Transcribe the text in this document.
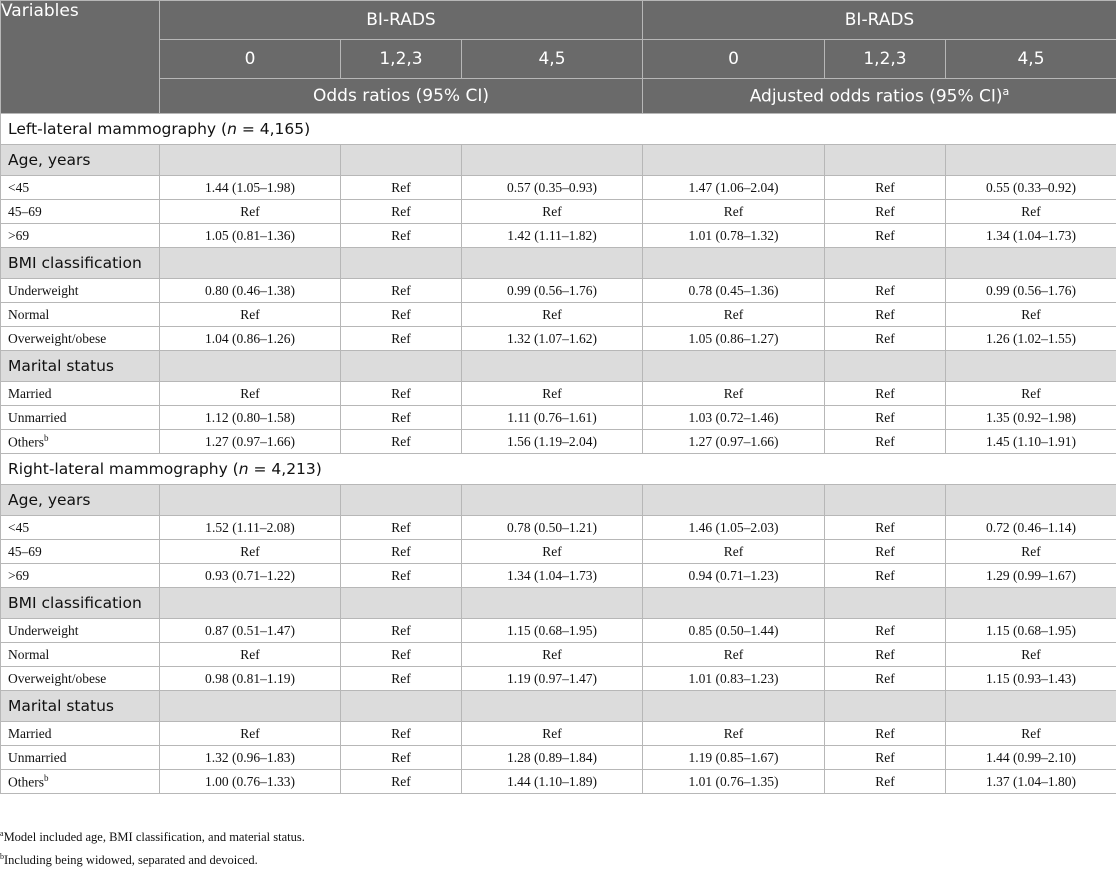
Variables	BI-RADS			BI-RADS		
	0	1,2,3	4,5	0	1,2,3	4,5
	Odds ratios (95% CI)			Adjusted odds ratios (95% CI)$^a$
Left-lateral mammography (n = 4,165)						
Age, years						
<45	1.44 (1.05–1.98)	Ref	0.57 (0.35–0.93)	1.47 (1.06–2.04)	Ref	0.55 (0.33–0.92)
45–69	Ref	Ref	Ref	Ref	Ref	Ref
>69	1.05 (0.81–1.36)	Ref	1.42 (1.11–1.82)	1.01 (0.78–1.32)	Ref	1.34 (1.04–1.73)
BMI classification						
Underweight	0.80 (0.46–1.38)	Ref	0.99 (0.56–1.76)	0.78 (0.45–1.36)	Ref	0.99 (0.56–1.76)
Normal	Ref	Ref	Ref	Ref	Ref	Ref
Overweight/obese	1.04 (0.86–1.26)	Ref	1.32 (1.07–1.62)	1.05 (0.86–1.27)	Ref	1.26 (1.02–1.55)
Marital status						
Married	Ref	Ref	Ref	Ref	Ref	Ref
Unmarried	1.12 (0.80–1.58)	Ref	1.11 (0.76–1.61)	1.03 (0.72–1.46)	Ref	1.35 (0.92–1.98)
Others$^b$	1.27 (0.97–1.66)	Ref	1.56 (1.19–2.04)	1.27 (0.97–1.66)	Ref	1.45 (1.10–1.91)
Right-lateral mammography (n = 4,213)						
Age, years						
<45	1.52 (1.11–2.08)	Ref	0.78 (0.50–1.21)	1.46 (1.05–2.03)	Ref	0.72 (0.46–1.14)
45–69	Ref	Ref	Ref	Ref	Ref	Ref
>69	0.93 (0.71–1.22)	Ref	1.34 (1.04–1.73)	0.94 (0.71–1.23)	Ref	1.29 (0.99–1.67)
BMI classification						
Underweight	0.87 (0.51–1.47)	Ref	1.15 (0.68–1.95)	0.85 (0.50–1.44)	Ref	1.15 (0.68–1.95)
Normal	Ref	Ref	Ref	Ref	Ref	Ref
Overweight/obese	0.98 (0.81–1.19)	Ref	1.19 (0.97–1.47)	1.01 (0.83–1.23)	Ref	1.15 (0.93–1.43)
Marital status						
Married	Ref	Ref	Ref	Ref	Ref	Ref
Unmarried	1.32 (0.96–1.83)	Ref	1.28 (0.89–1.84)	1.19 (0.85–1.67)	Ref	1.44 (0.99–2.10)
Others$^b$	1.00 (0.76–1.33)	Ref	1.44 (1.10–1.89)	1.01 (0.76–1.35)	Ref	1.37 (1.04–1.80)
$^a$Model included age, BMI classification, and material status.
$^b$Including being widowed, separated and devoiced.
